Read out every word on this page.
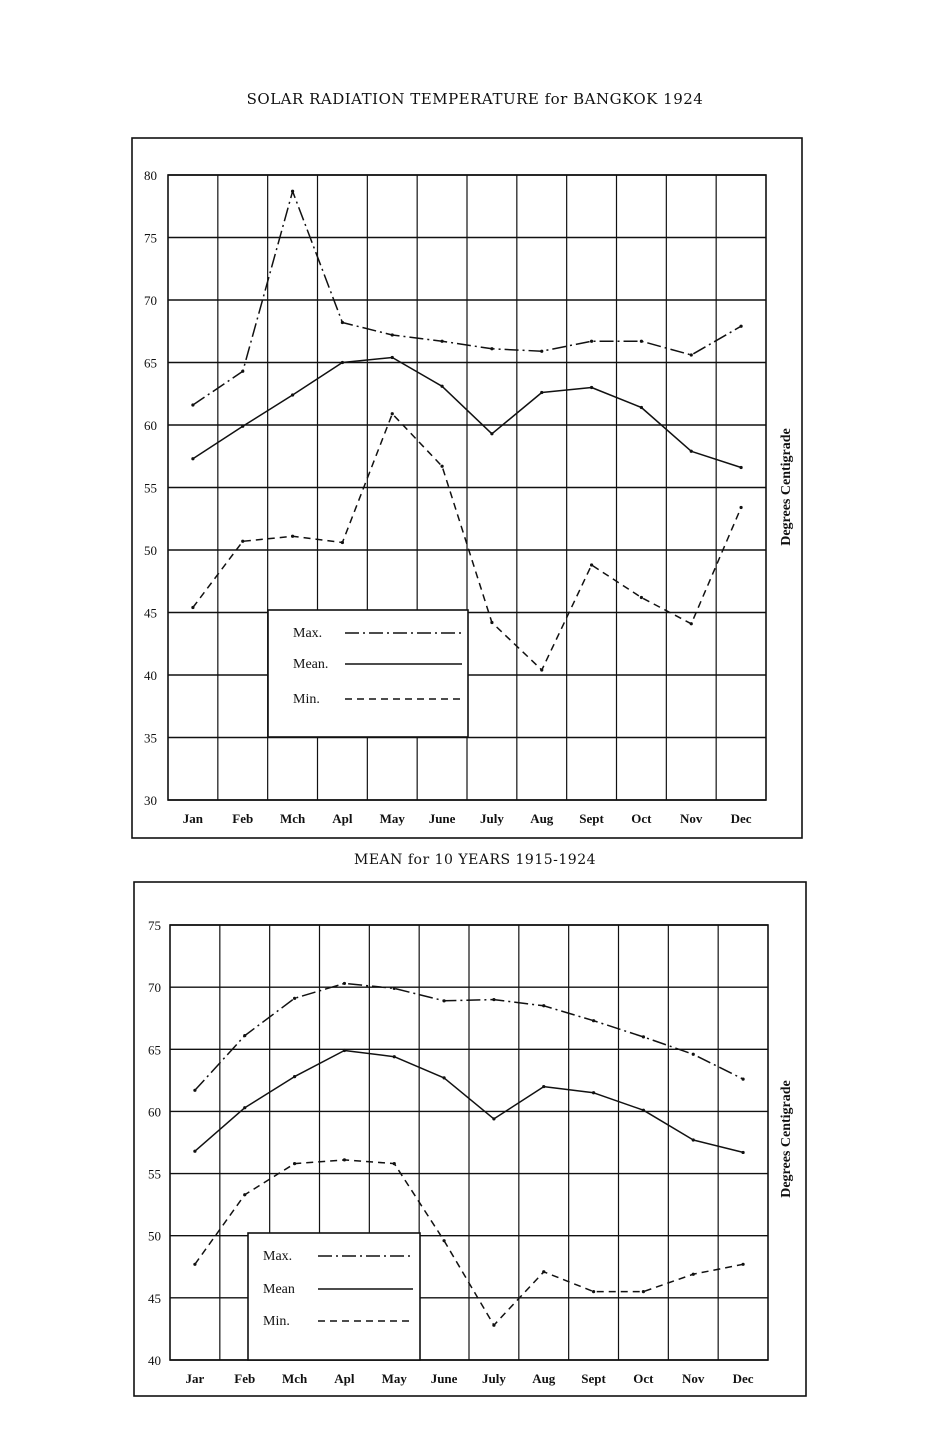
SOLAR RADIATION TEMPERATURE for BANGKOK 1924
MEAN for 10 YEARS 1915-1924
80
75
70
65
60
55
50
45
40
35
30
Jan Feb Mch Apl May June July Aug Sept Oct Nov Dec
Degrees Centigrade
Max.
Mean.
Min.
75
70
65
60
55
50
45
40
Jar Feb Mch Apl May June July Aug Sept Oct Nov Dec
Degrees Centigrade
Max.
Mean
Min.
